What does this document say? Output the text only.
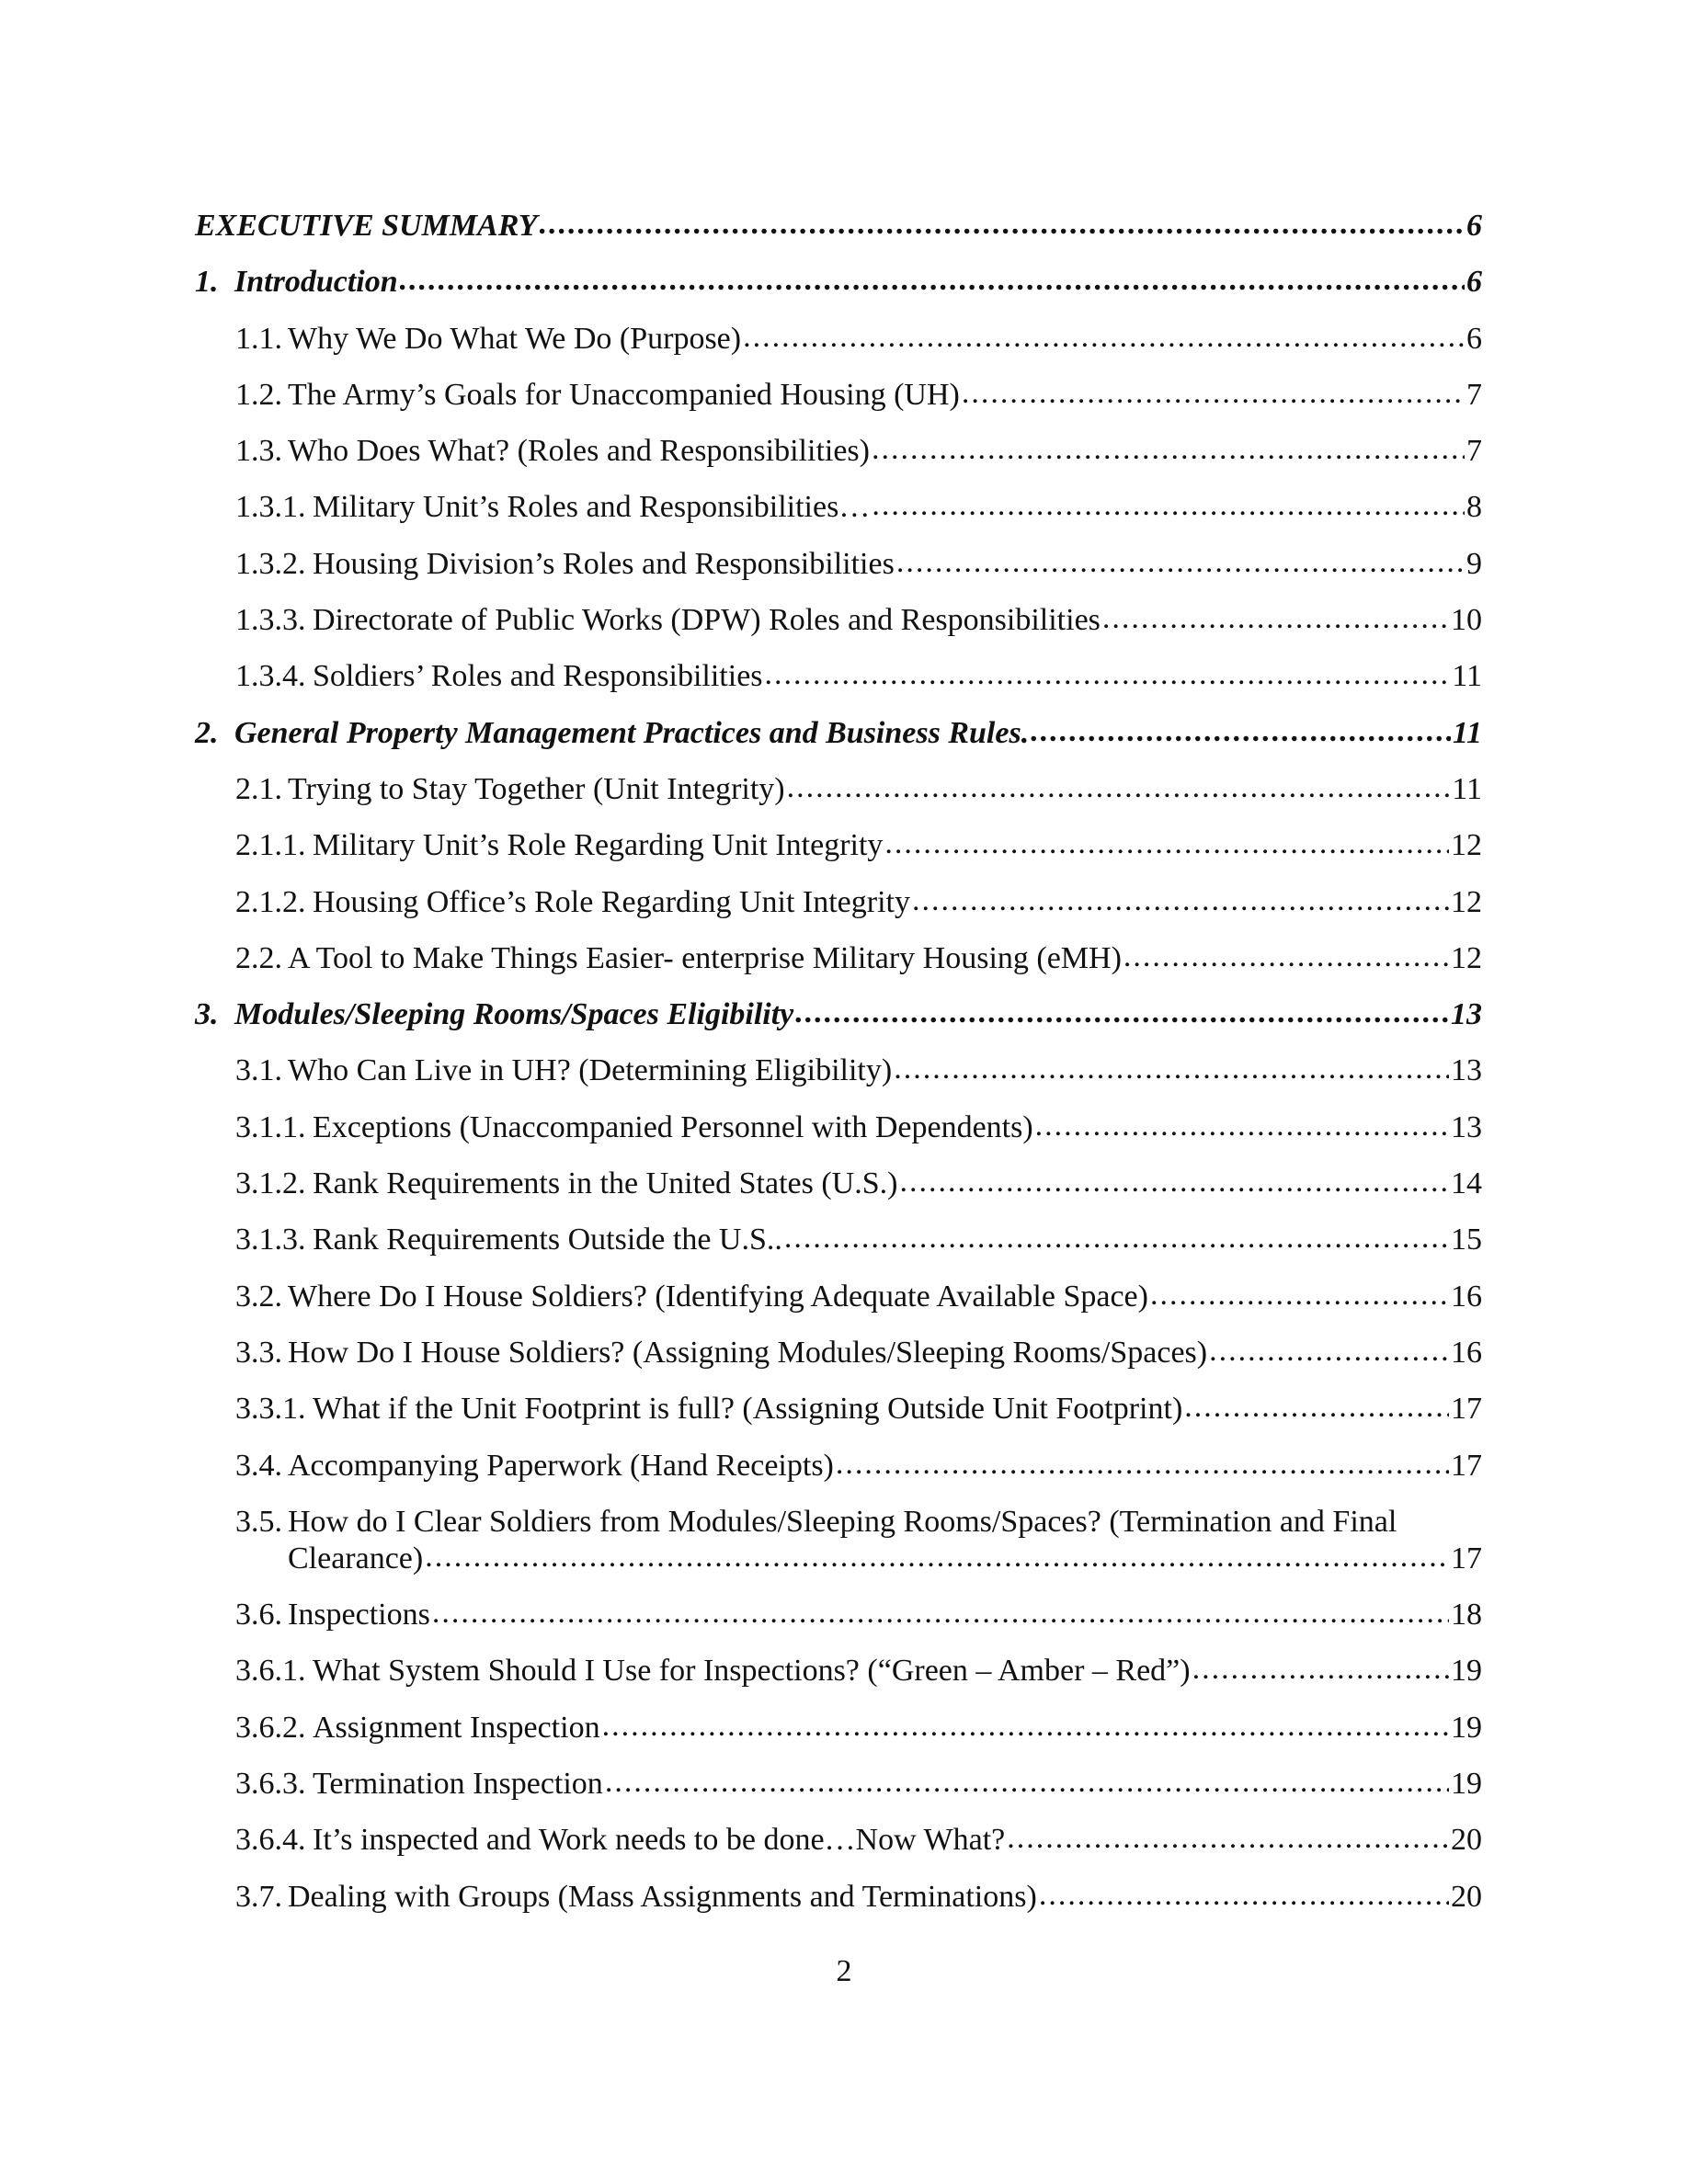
EXECUTIVE SUMMARY .....	6
1. Introduction .....	6
1.1. Why We Do What We Do (Purpose) .....	6
1.2. The Army’s Goals for Unaccompanied Housing (UH) .....	7
1.3. Who Does What? (Roles and Responsibilities) .....	7
1.3.1. Military Unit’s Roles and Responsibilities… .....	8
1.3.2. Housing Division’s Roles and Responsibilities .....	9
1.3.3. Directorate of Public Works (DPW) Roles and Responsibilities .....	10
1.3.4. Soldiers’ Roles and Responsibilities .....	11
2. General Property Management Practices and Business Rules. .....	11
2.1. Trying to Stay Together (Unit Integrity) .....	11
2.1.1. Military Unit’s Role Regarding Unit Integrity .....	12
2.1.2. Housing Office’s Role Regarding Unit Integrity .....	12
2.2. A Tool to Make Things Easier- enterprise Military Housing (eMH) .....	12
3. Modules/Sleeping Rooms/Spaces Eligibility .....	13
3.1. Who Can Live in UH? (Determining Eligibility) .....	13
3.1.1. Exceptions (Unaccompanied Personnel with Dependents) .....	13
3.1.2. Rank Requirements in the United States (U.S.) .....	14
3.1.3. Rank Requirements Outside the U.S.. .....	15
3.2. Where Do I House Soldiers? (Identifying Adequate Available Space) .....	16
3.3. How Do I House Soldiers? (Assigning Modules/Sleeping Rooms/Spaces) .....	16
3.3.1. What if the Unit Footprint is full? (Assigning Outside Unit Footprint) .....	17
3.4. Accompanying Paperwork (Hand Receipts) .....	17
3.5. How do I Clear Soldiers from Modules/Sleeping Rooms/Spaces? (Termination and Final
Clearance) .....	17
3.6. Inspections .....	18
3.6.1. What System Should I Use for Inspections? (“Green – Amber – Red”) .....	19
3.6.2. Assignment Inspection .....	19
3.6.3. Termination Inspection .....	19
3.6.4. It’s inspected and Work needs to be done…Now What? .....	20
3.7. Dealing with Groups (Mass Assignments and Terminations) .....	20
2
